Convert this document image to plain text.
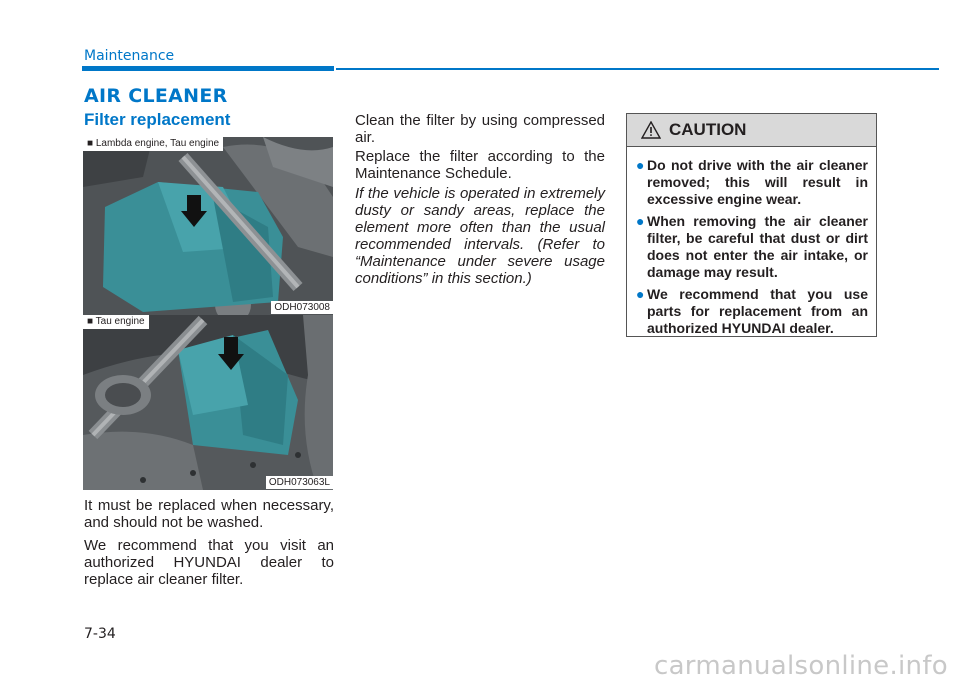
Maintenance
AIR CLEANER
Filter replacement
■ Lambda engine, Tau engine
ODH073008
■ Tau engine
ODH073063L

It must be replaced when necessary, and should not be washed.

We recommend that you visit an authorized HYUNDAI dealer to replace air cleaner filter.

Clean the filter by using compressed air.

Replace the filter according to the Maintenance Schedule.

If the vehicle is operated in extremely dusty or sandy areas, replace the element more often than the usual recommended intervals. (Refer to “Maintenance under severe usage conditions” in this section.)

CAUTION
● Do not drive with the air cleaner removed; this will result in excessive engine wear.
● When removing the air cleaner filter, be careful that dust or dirt does not enter the air intake, or damage may result.
● We recommend that you use parts for replacement from an authorized HYUNDAI dealer.
7-34
carmanualsonline.info
